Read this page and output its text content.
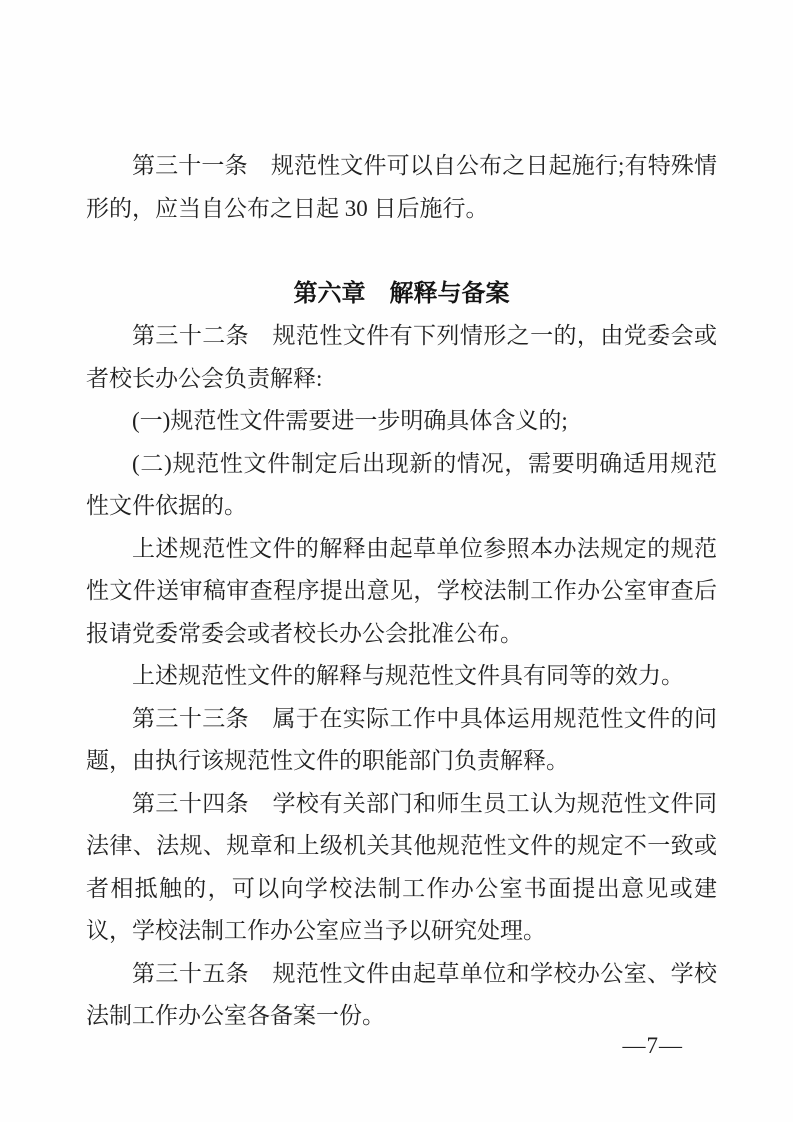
第三十一条　规范性文件可以自公布之日起施行;有特殊情形的，应当自公布之日起 30 日后施行。

第六章　解释与备案

第三十二条　规范性文件有下列情形之一的，由党委会或者校长办公会负责解释:

(一)规范性文件需要进一步明确具体含义的;

(二)规范性文件制定后出现新的情况，需要明确适用规范性文件依据的。

上述规范性文件的解释由起草单位参照本办法规定的规范性文件送审稿审查程序提出意见，学校法制工作办公室审查后报请党委常委会或者校长办公会批准公布。

上述规范性文件的解释与规范性文件具有同等的效力。

第三十三条　属于在实际工作中具体运用规范性文件的问题，由执行该规范性文件的职能部门负责解释。

第三十四条　学校有关部门和师生员工认为规范性文件同法律、法规、规章和上级机关其他规范性文件的规定不一致或者相抵触的，可以向学校法制工作办公室书面提出意见或建议，学校法制工作办公室应当予以研究处理。

第三十五条　规范性文件由起草单位和学校办公室、学校法制工作办公室各备案一份。

—7—
